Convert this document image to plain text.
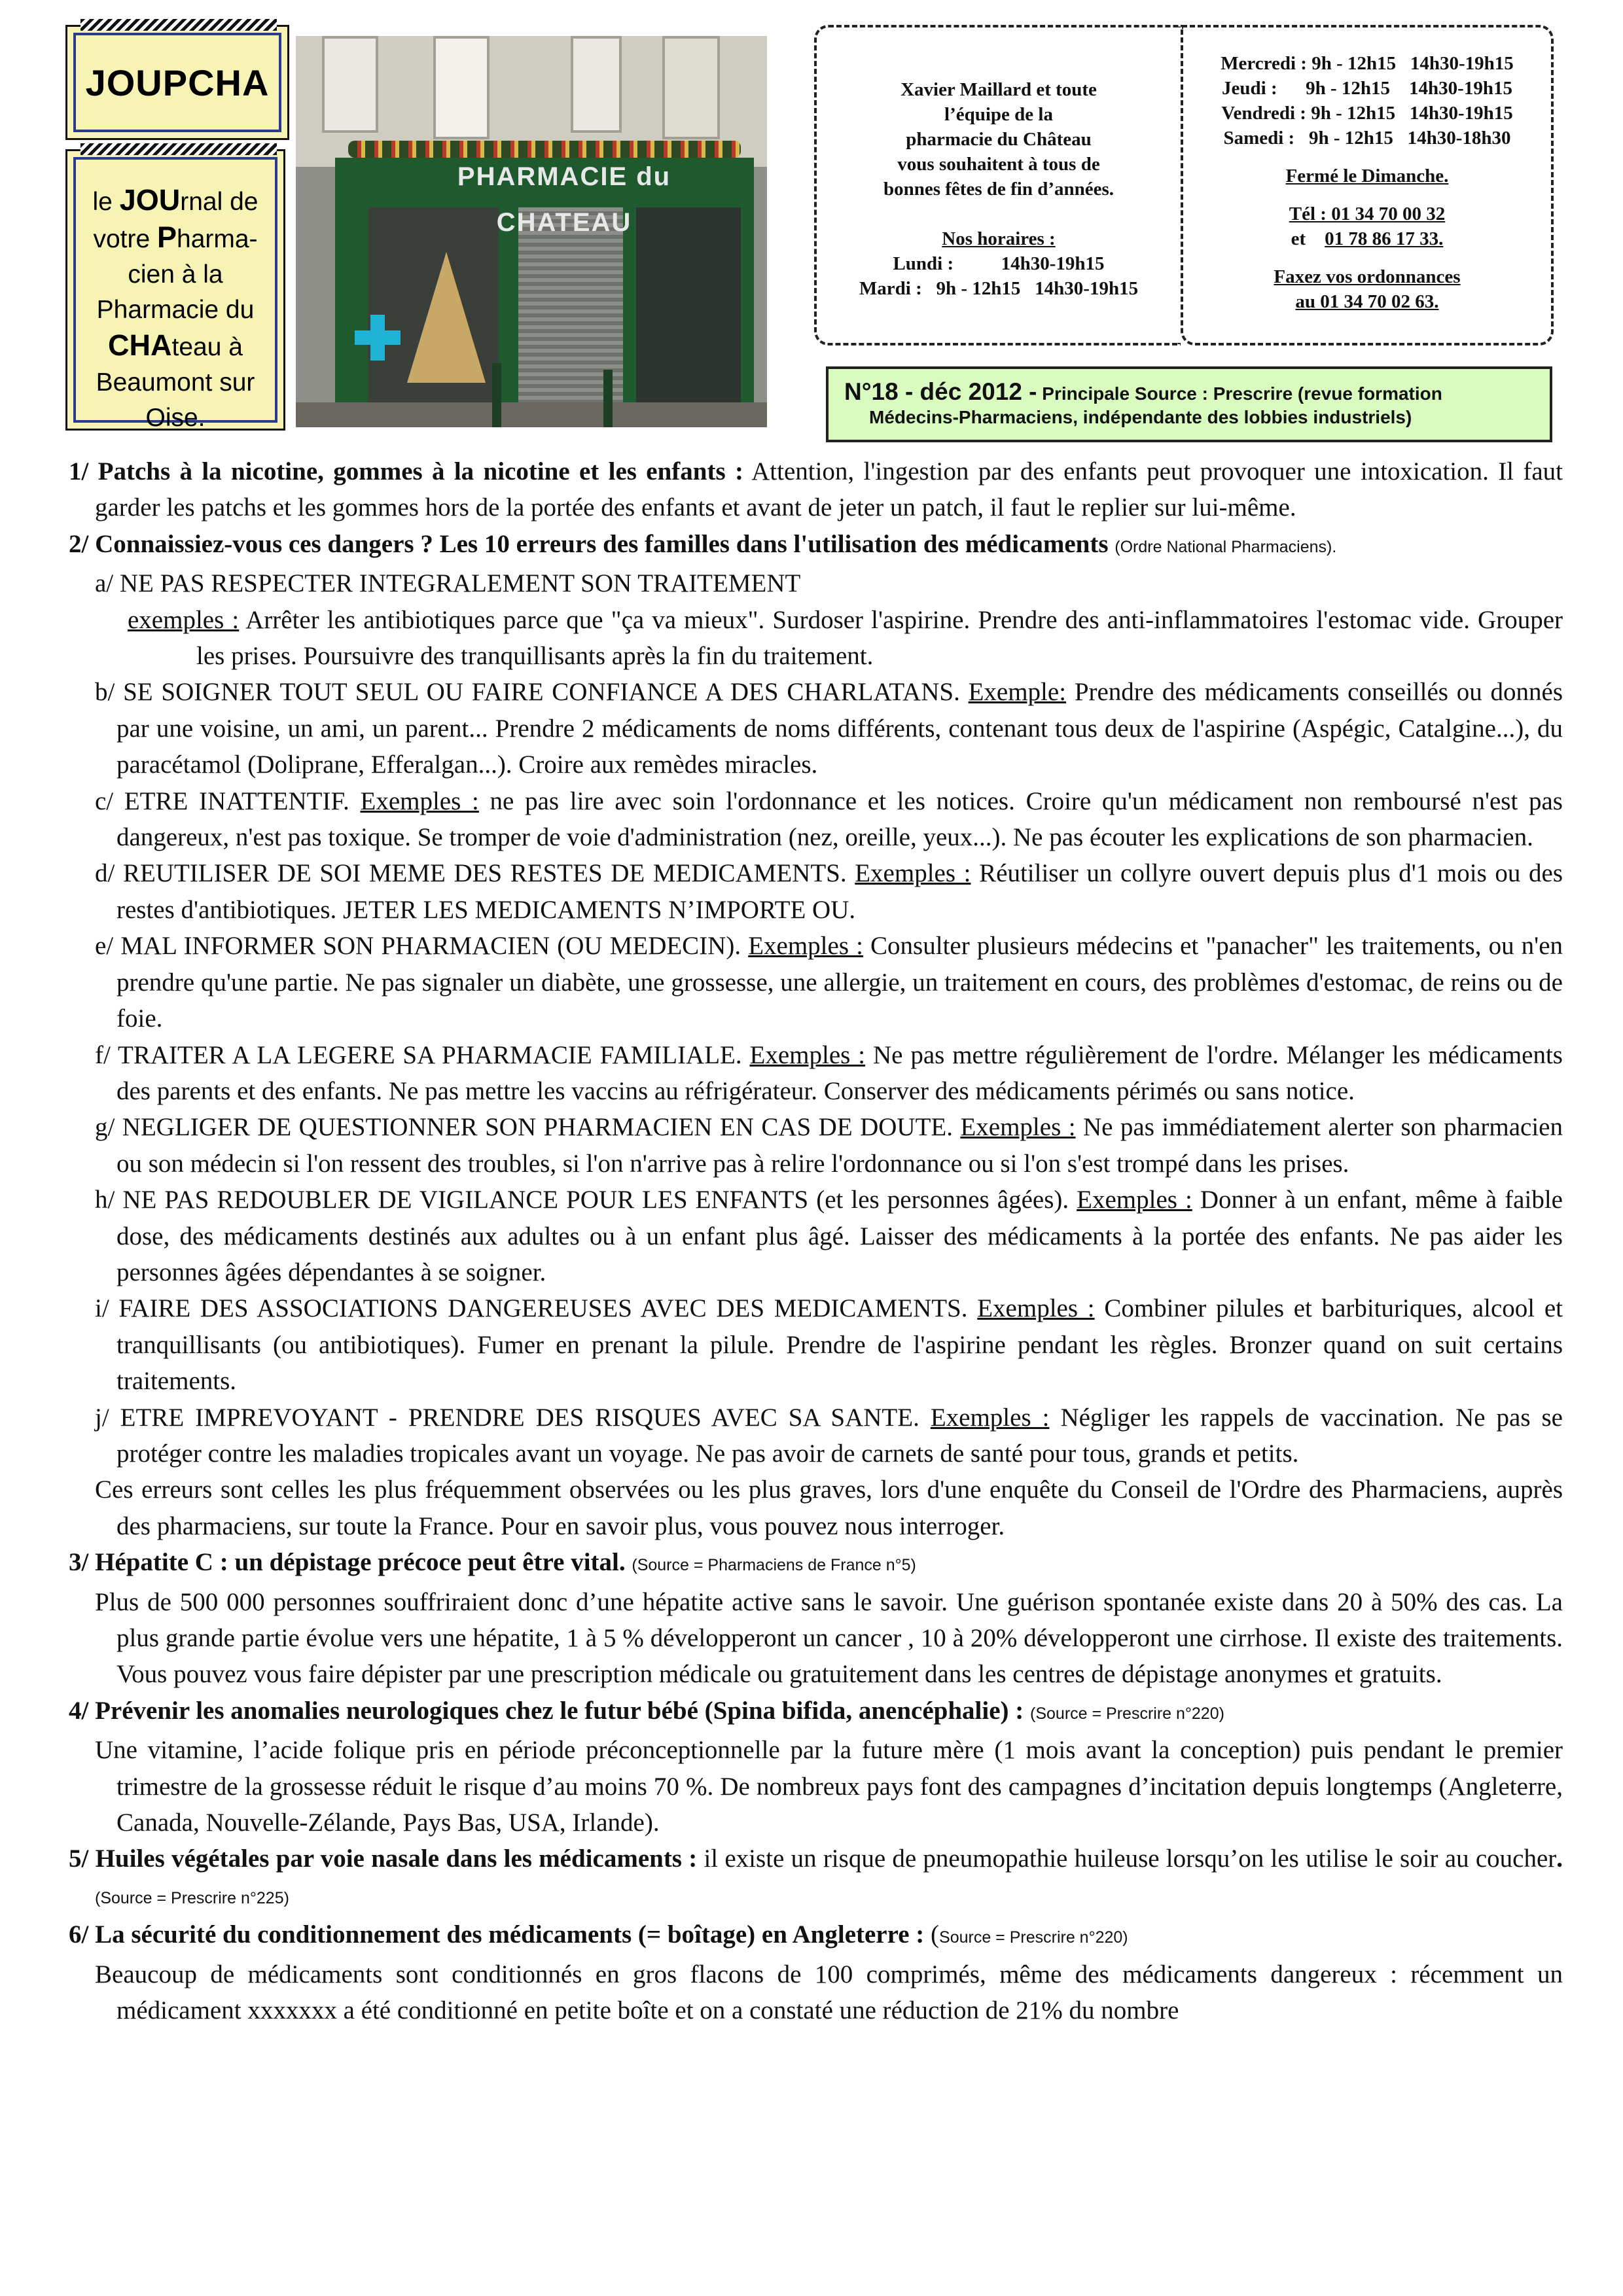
JOUPCHA
le JOUrnal de votre Pharma-cien à la Pharmacie du CHAteau à Beaumont sur Oise.
PHARMACIE du CHATEAU

Xavier Maillard et toute

l’équipe de la

pharmacie du Château

vous souhaitent à tous de

bonnes fêtes de fin d’années.

Nos horaires :

Lundi :          14h30-19h15

Mardi :   9h - 12h15   14h30-19h15

Mercredi : 9h - 12h15   14h30-19h15

Jeudi :      9h - 12h15    14h30-19h15

Vendredi : 9h - 12h15   14h30-19h15

Samedi :   9h - 12h15   14h30-18h30

Fermé le Dimanche.

Tél : 01 34 70 00 32

et 01 78 86 17 33.

Faxez vos ordonnances

au 01 34 70 02 63.

N°18 - déc 2012 - Principale Source : Prescrire (revue formation
Médecins-Pharmaciens, indépendante des lobbies industriels)

1/ Patchs à la nicotine, gommes à la nicotine et les enfants : Attention, l'ingestion par des enfants peut provoquer une intoxication. Il faut garder les patchs et les gommes hors de la portée des enfants et avant de jeter un patch, il faut le replier sur lui-même.

2/ Connaissiez-vous ces dangers ? Les 10 erreurs des familles dans l'utilisation des médicaments (Ordre National Pharmaciens).

a/ NE PAS RESPECTER INTEGRALEMENT SON TRAITEMENT

exemples : Arrêter les antibiotiques parce que "ça va mieux". Surdoser l'aspirine. Prendre des anti-inflammatoires l'estomac vide. Grouper les prises. Poursuivre des tranquillisants après la fin du traitement.

b/ SE SOIGNER TOUT SEUL OU FAIRE CONFIANCE A DES CHARLATANS. Exemple: Prendre des médicaments conseillés ou donnés par une voisine, un ami, un parent... Prendre 2 médicaments de noms différents, contenant tous deux de l'aspirine (Aspégic, Catalgine...), du paracétamol (Doliprane, Efferalgan...). Croire aux remèdes miracles.

c/ ETRE INATTENTIF. Exemples : ne pas lire avec soin l'ordonnance et les notices. Croire qu'un médicament non remboursé n'est pas dangereux, n'est pas toxique. Se tromper de voie d'administration (nez, oreille, yeux...). Ne pas écouter les explications de son pharmacien.

d/ REUTILISER DE SOI MEME DES RESTES DE MEDICAMENTS. Exemples : Réutiliser un collyre ouvert depuis plus d'1 mois ou des restes d'antibiotiques. JETER LES MEDICAMENTS N’IMPORTE OU.

e/ MAL INFORMER SON PHARMACIEN (OU MEDECIN). Exemples : Consulter plusieurs médecins et "panacher" les traitements, ou n'en prendre qu'une partie. Ne pas signaler un diabète, une grossesse, une allergie, un traitement en cours, des problèmes d'estomac, de reins ou de foie.

f/ TRAITER A LA LEGERE SA PHARMACIE FAMILIALE. Exemples : Ne pas mettre régulièrement de l'ordre. Mélanger les médicaments des parents et des enfants. Ne pas mettre les vaccins au réfrigérateur. Conserver des médicaments périmés ou sans notice.

g/ NEGLIGER DE QUESTIONNER SON PHARMACIEN EN CAS DE DOUTE. Exemples : Ne pas immédiatement alerter son pharmacien ou son médecin si l'on ressent des troubles, si l'on n'arrive pas à relire l'ordonnance ou si l'on s'est trompé dans les prises.

h/ NE PAS REDOUBLER DE VIGILANCE POUR LES ENFANTS (et les personnes âgées). Exemples : Donner à un enfant, même à faible dose, des médicaments destinés aux adultes ou à un enfant plus âgé. Laisser des médicaments à la portée des enfants. Ne pas aider les personnes âgées dépendantes à se soigner.

i/ FAIRE DES ASSOCIATIONS DANGEREUSES AVEC DES MEDICAMENTS. Exemples : Combiner pilules et barbituriques, alcool et tranquillisants (ou antibiotiques). Fumer en prenant la pilule. Prendre de l'aspirine pendant les règles. Bronzer quand on suit certains traitements.

j/ ETRE IMPREVOYANT - PRENDRE DES RISQUES AVEC SA SANTE. Exemples : Négliger les rappels de vaccination. Ne pas se protéger contre les maladies tropicales avant un voyage. Ne pas avoir de carnets de santé pour tous, grands et petits.

Ces erreurs sont celles les plus fréquemment observées ou les plus graves, lors d'une enquête du Conseil de l'Ordre des Pharmaciens, auprès des pharmaciens, sur toute la France. Pour en savoir plus, vous pouvez nous interroger.

3/ Hépatite C : un dépistage précoce peut être vital. (Source = Pharmaciens de France n°5)

Plus de 500 000 personnes souffriraient donc d’une hépatite active sans le savoir. Une guérison spontanée existe dans 20 à 50% des cas. La plus grande partie évolue vers une hépatite, 1 à 5 % développeront un cancer , 10 à 20% développeront une cirrhose. Il existe des traitements. Vous pouvez vous faire dépister par une prescription médicale ou gratuitement dans les centres de dépistage anonymes et gratuits.

4/ Prévenir les anomalies neurologiques chez le futur bébé (Spina bifida, anencéphalie) : (Source = Prescrire n°220)

Une vitamine, l’acide folique pris en période préconceptionnelle par la future mère (1 mois avant la conception) puis pendant le premier trimestre de la grossesse réduit le risque d’au moins 70 %. De nombreux pays font des campagnes d’incitation depuis longtemps (Angleterre, Canada, Nouvelle-Zélande, Pays Bas, USA, Irlande).

5/ Huiles végétales par voie nasale dans les médicaments : il existe un risque de pneumopathie huileuse lorsqu’on les utilise le soir au coucher. (Source = Prescrire n°225)

6/ La sécurité du conditionnement des médicaments (= boîtage) en Angleterre : (Source = Prescrire n°220)

Beaucoup de médicaments sont conditionnés en gros flacons de 100 comprimés, même des médicaments dangereux : récemment un médicament xxxxxxx a été conditionné en petite boîte et on a constaté une réduction de 21% du nombre
